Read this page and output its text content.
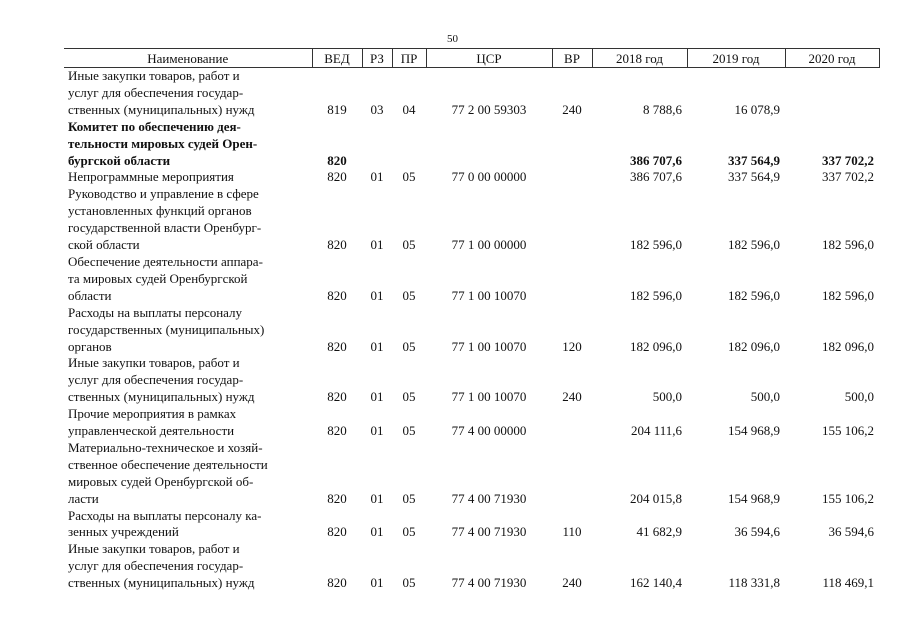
50
Наименование	ВЕД	РЗ	ПР	ЦСР	ВР	2018 год	2019 год	2020 год

Иные закупки товаров, работ и
услуг для обеспечения государ-
ственных (муниципальных) нужд	819	03	04	77 2 00 59303	240	8 788,6	16 078,9	

Комитет по обеспечению дея-
тельности мировых судей Орен-
бургской области	820					386 707,6	337 564,9	337 702,2

Непрограммные мероприятия	820	01	05	77 0 00 00000		386 707,6	337 564,9	337 702,2

Руководство и управление в сфере
установленных функций органов
государственной власти Оренбург-
ской области	820	01	05	77 1 00 00000		182 596,0	182 596,0	182 596,0

Обеспечение деятельности аппара-
та мировых судей Оренбургской
области	820	01	05	77 1 00 10070		182 596,0	182 596,0	182 596,0

Расходы на выплаты персоналу
государственных (муниципальных)
органов	820	01	05	77 1 00 10070	120	182 096,0	182 096,0	182 096,0

Иные закупки товаров, работ и
услуг для обеспечения государ-
ственных (муниципальных) нужд	820	01	05	77 1 00 10070	240	500,0	500,0	500,0

Прочие мероприятия в рамках
управленческой деятельности	820	01	05	77 4 00 00000		204 111,6	154 968,9	155 106,2

Материально-техническое и хозяй-
ственное обеспечение деятельности
мировых судей Оренбургской об-
ласти	820	01	05	77 4 00 71930		204 015,8	154 968,9	155 106,2

Расходы на выплаты персоналу ка-
зенных учреждений	820	01	05	77 4 00 71930	110	41 682,9	36 594,6	36 594,6

Иные закупки товаров, работ и
услуг для обеспечения государ-
ственных (муниципальных) нужд	820	01	05	77 4 00 71930	240	162 140,4	118 331,8	118 469,1
